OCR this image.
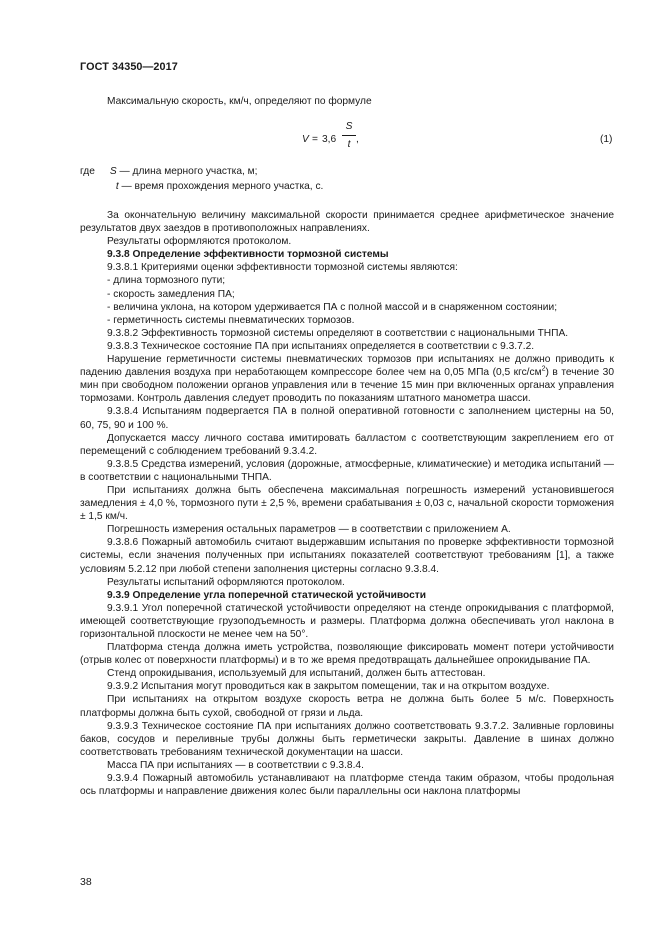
ГОСТ 34350—2017
Максимальную скорость, км/ч, определяют по формуле
V = 3,6
S
t ,	(1)
где S — длина мерного участка, м;
t — время прохождения мерного участка, с.

За окончательную величину максимальной скорости принимается среднее арифметическое значение результатов двух заездов в противоположных направлениях.

Результаты оформляются протоколом.

9.3.8 Определение эффективности тормозной системы

9.3.8.1 Критериями оценки эффективности тормозной системы являются:

- длина тормозного пути;

- скорость замедления ПА;

- величина уклона, на котором удерживается ПА с полной массой и в снаряженном состоянии;

- герметичность системы пневматических тормозов.

9.3.8.2 Эффективность тормозной системы определяют в соответствии с национальными ТНПА.

9.3.8.3 Техническое состояние ПА при испытаниях определяется в соответствии с 9.3.7.2.

Нарушение герметичности системы пневматических тормозов при испытаниях не должно приводить к падению давления воздуха при неработающем компрессоре более чем на 0,05 МПа (0,5 кгс/$см^2$) в течение 30 мин при свободном положении органов управления или в течение 15 мин при включенных органах управления тормозами. Контроль давления следует проводить по показаниям штатного манометра шасси.

9.3.8.4 Испытаниям подвергается ПА в полной оперативной готовности с заполнением цистерны на 50, 60, 75, 90 и 100 %.

Допускается массу личного состава имитировать балластом с соответствующим закреплением его от перемещений с соблюдением требований 9.3.4.2.

9.3.8.5 Средства измерений, условия (дорожные, атмосферные, климатические) и методика испытаний — в соответствии с национальными ТНПА.

При испытаниях должна быть обеспечена максимальная погрешность измерений установившегося замедления ± 4,0 %, тормозного пути ± 2,5 %, времени срабатывания ± 0,03 с, начальной скорости торможения ± 1,5 км/ч.

Погрешность измерения остальных параметров — в соответствии с приложением А.

9.3.8.6 Пожарный автомобиль считают выдержавшим испытания по проверке эффективности тормозной системы, если значения полученных при испытаниях показателей соответствуют требованиям [1], а также условиям 5.2.12 при любой степени заполнения цистерны согласно 9.3.8.4.

Результаты испытаний оформляются протоколом.

9.3.9 Определение угла поперечной статической устойчивости

9.3.9.1 Угол поперечной статической устойчивости определяют на стенде опрокидывания с платформой, имеющей соответствующие грузоподъемность и размеры. Платформа должна обеспечивать угол наклона в горизонтальной плоскости не менее чем на 50°.

Платформа стенда должна иметь устройства, позволяющие фиксировать момент потери устойчивости (отрыв колес от поверхности платформы) и в то же время предотвращать дальнейшее опрокидывание ПА.

Стенд опрокидывания, используемый для испытаний, должен быть аттестован.

9.3.9.2 Испытания могут проводиться как в закрытом помещении, так и на открытом воздухе.

При испытаниях на открытом воздухе скорость ветра не должна быть более 5 м/с. Поверхность платформы должна быть сухой, свободной от грязи и льда.

9.3.9.3 Техническое состояние ПА при испытаниях должно соответствовать 9.3.7.2. Заливные горловины баков, сосудов и переливные трубы должны быть герметически закрыты. Давление в шинах должно соответствовать требованиям технической документации на шасси.

Масса ПА при испытаниях — в соответствии с 9.3.8.4.

9.3.9.4 Пожарный автомобиль устанавливают на платформе стенда таким образом, чтобы продольная ось платформы и направление движения колес были параллельны оси наклона платформы

38
